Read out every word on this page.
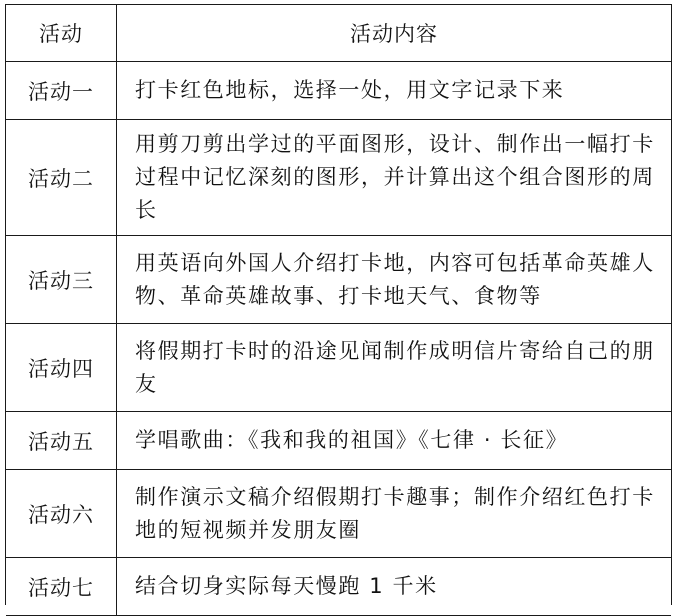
活动	活动内容
活动一	打卡红色地标，选择一处，用文字记录下来
活动二	用剪刀剪出学过的平面图形，设计、制作出一幅打卡过程中记忆深刻的图形，并计算出这个组合图形的周长
活动三	用英语向外国人介绍打卡地，内容可包括革命英雄人物、革命英雄故事、打卡地天气、食物等
活动四	将假期打卡时的沿途见闻制作成明信片寄给自己的朋友
活动五	学唱歌曲：《我和我的祖国》《七律 · 长征》
活动六	制作演示文稿介绍假期打卡趣事；制作介绍红色打卡地的短视频并发朋友圈
活动七	结合切身实际每天慢跑 1 千米
